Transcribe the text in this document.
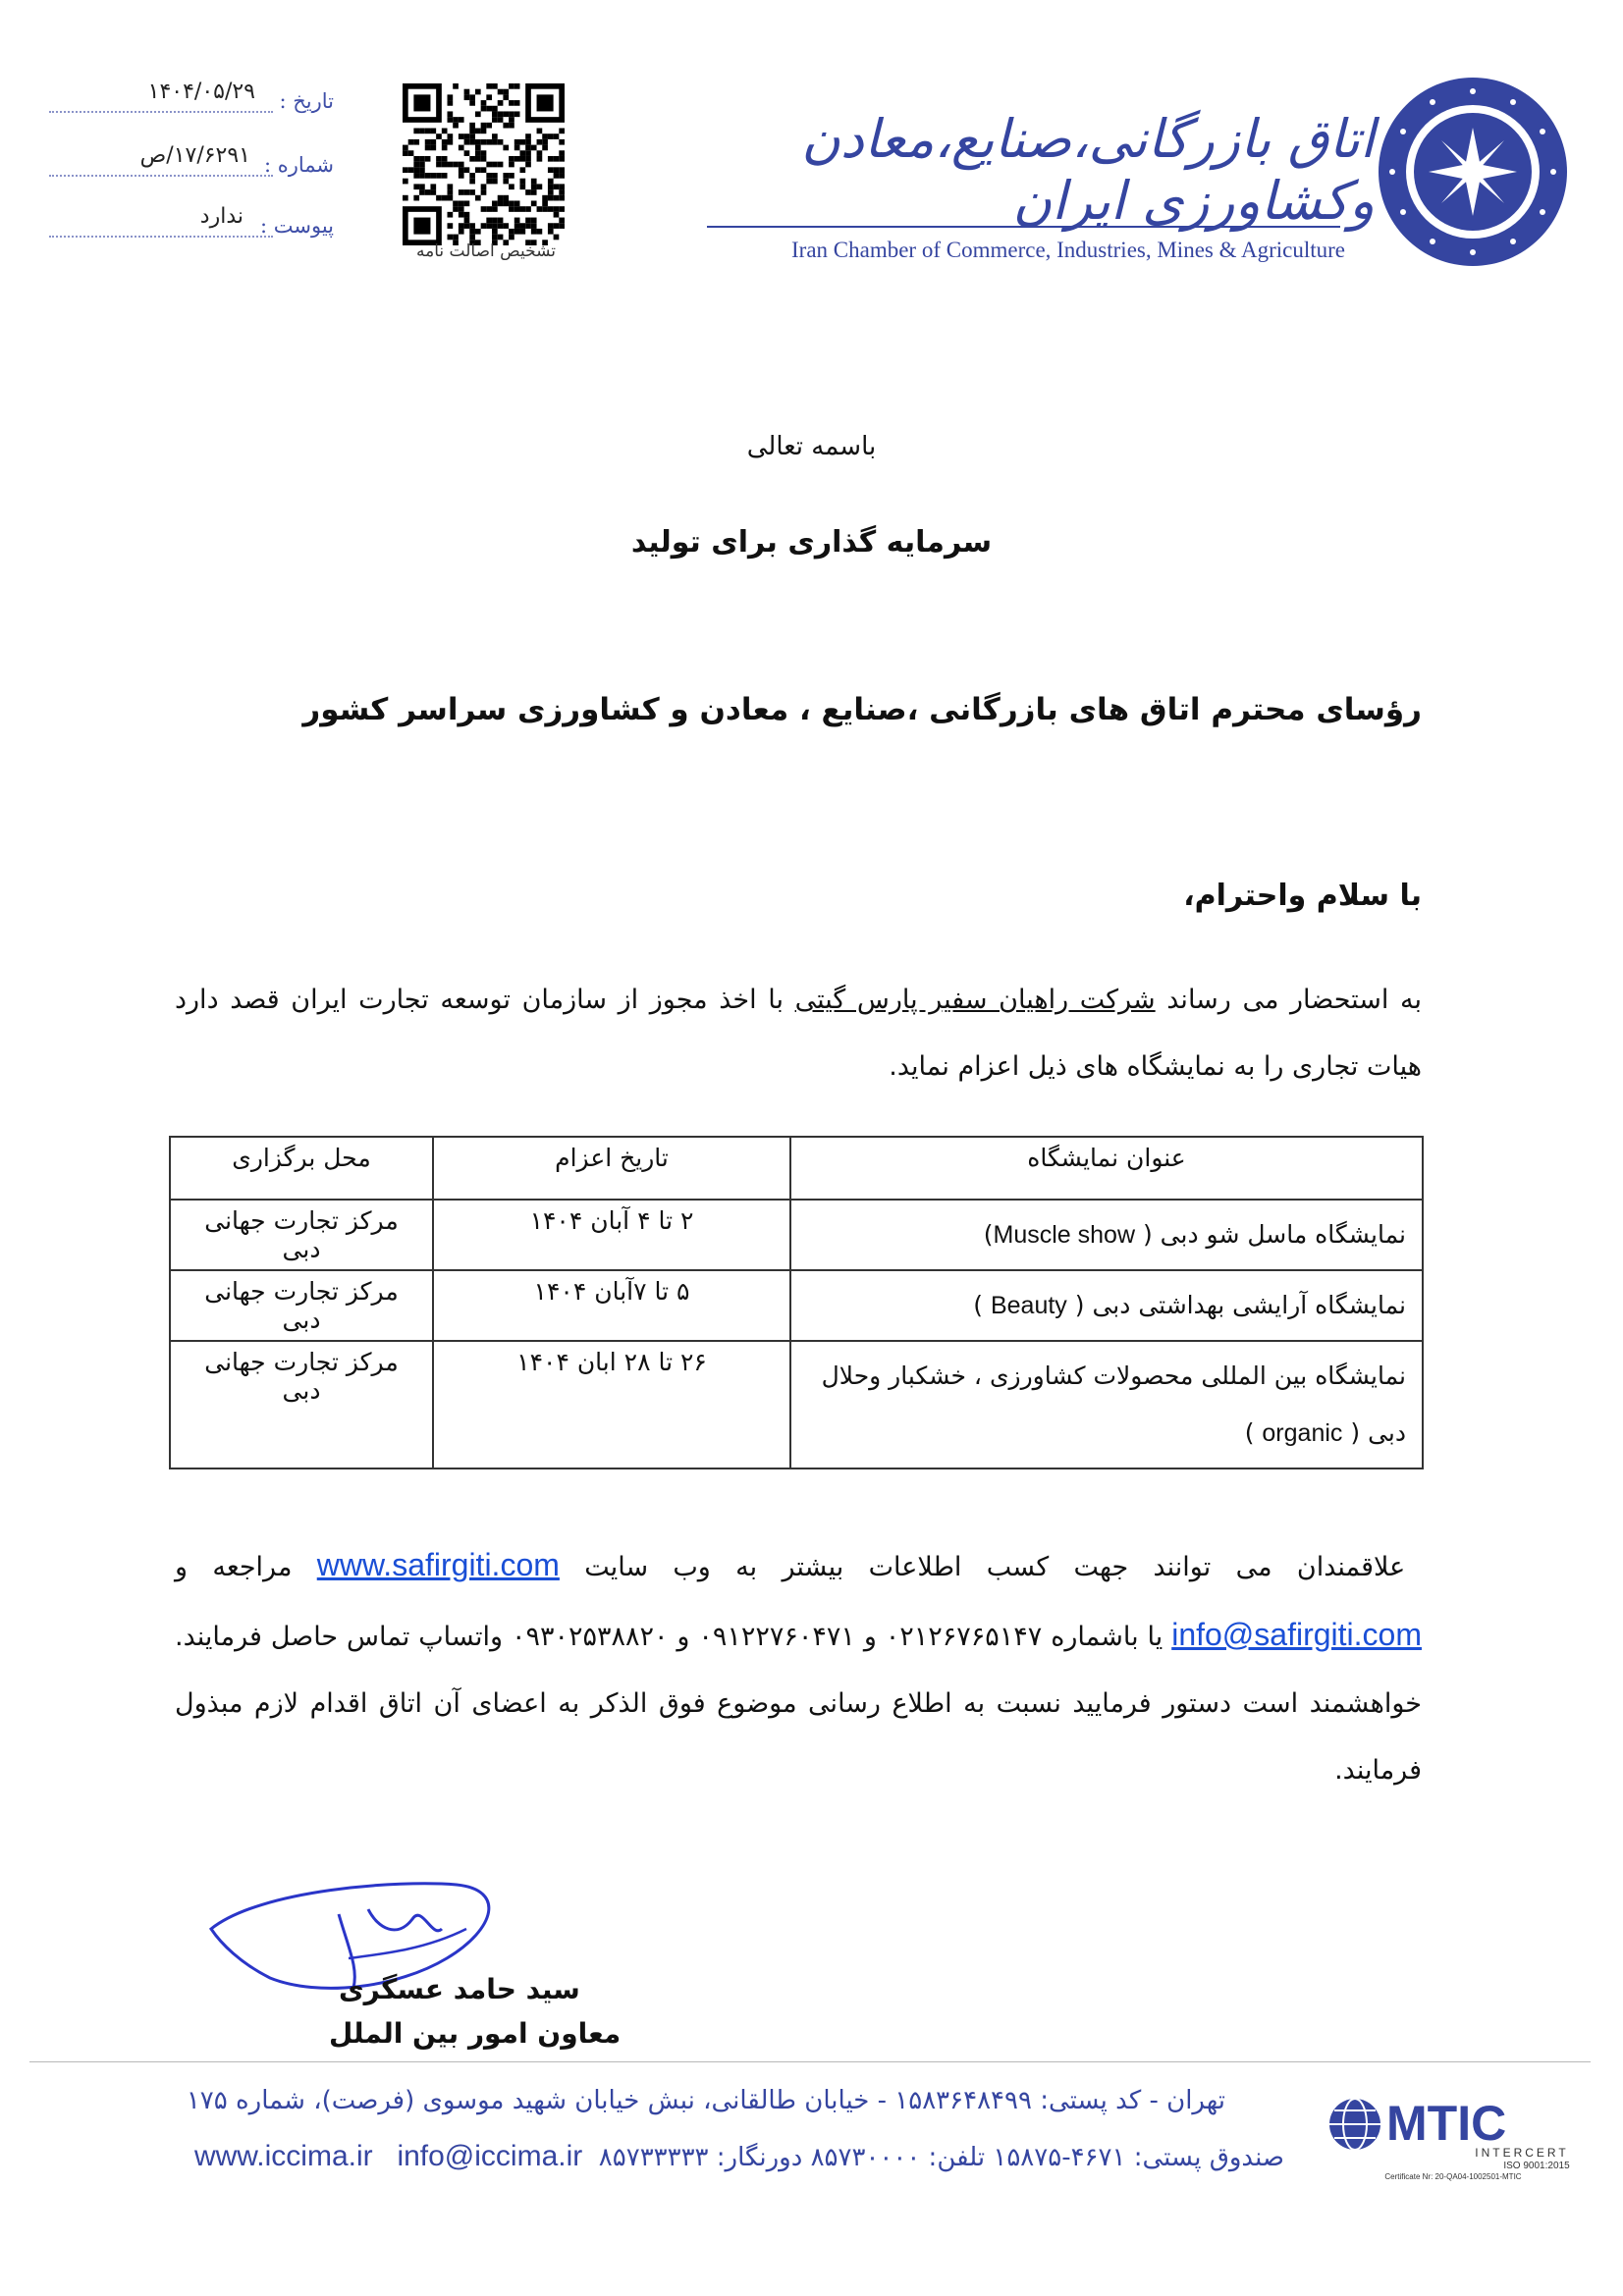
تاریخ :
۱۴۰۴/۰۵/۲۹
شماره :
۱۷/۶۲۹۱/ص
پیوست :
ندارد
تشخیص اصالت نامه
اتاق بازرگانی،صنایع،معادن وکشاورزی ایران
Iran Chamber of Commerce, Industries, Mines & Agriculture
باسمه تعالی
سرمایه گذاری برای تولید
رؤسای محترم اتاق های بازرگانی ،صنایع ، معادن و کشاورزی سراسر کشور
با سلام واحترام،
به استحضار می رساند شرکت راهیان سفیر پارس گیتی با اخذ مجوز از سازمان توسعه تجارت ایران قصد دارد هیات تجاری را به نمایشگاه های ذیل اعزام نماید.
عنوان نمایشگاه	تاریخ اعزام	محل برگزاری
نمایشگاه ماسل شو دبی ( Muscle show)	۲ تا ۴ آبان ۱۴۰۴	مرکز تجارت جهانی دبی
نمایشگاه آرایشی بهداشتی دبی ( Beauty )	۵ تا ۷آبان ۱۴۰۴	مرکز تجارت جهانی دبی
نمایشگاه بین المللی محصولات کشاورزی ، خشکبار وحلال دبی ( organic )	۲۶ تا ۲۸ ابان ۱۴۰۴	مرکز تجارت جهانی دبی
علاقمندان می توانند جهت کسب اطلاعات بیشتر به وب سایت www.safirgiti.com مراجعه و info@safirgiti.com یا باشماره ۰۲۱۲۶۷۶۵۱۴۷ و ۰۹۱۲۲۷۶۰۴۷۱ و ۰۹۳۰۲۵۳۸۸۲۰ واتساپ تماس حاصل فرمایند. خواهشمند است دستور فرمایید نسبت به اطلاع رسانی موضوع فوق الذکر به اعضای آن اتاق اقدام لازم مبذول فرمایند.
سید حامد عسگری
معاون امور بین الملل
تهران - کد پستی: ۱۵۸۳۶۴۸۴۹۹ - خیابان طالقانی، نبش خیابان شهید موسوی (فرصت)، شماره ۱۷۵
صندوق پستی: ۴۶۷۱-۱۵۸۷۵ تلفن: ۸۵۷۳۰۰۰۰ دورنگار: ۸۵۷۳۳۳۳۳  info@iccima.ir   www.iccima.ir
MTIC
INTERCERT
ISO 9001:2015
Certificate Nr: 20-QA04-1002501-MTIC
